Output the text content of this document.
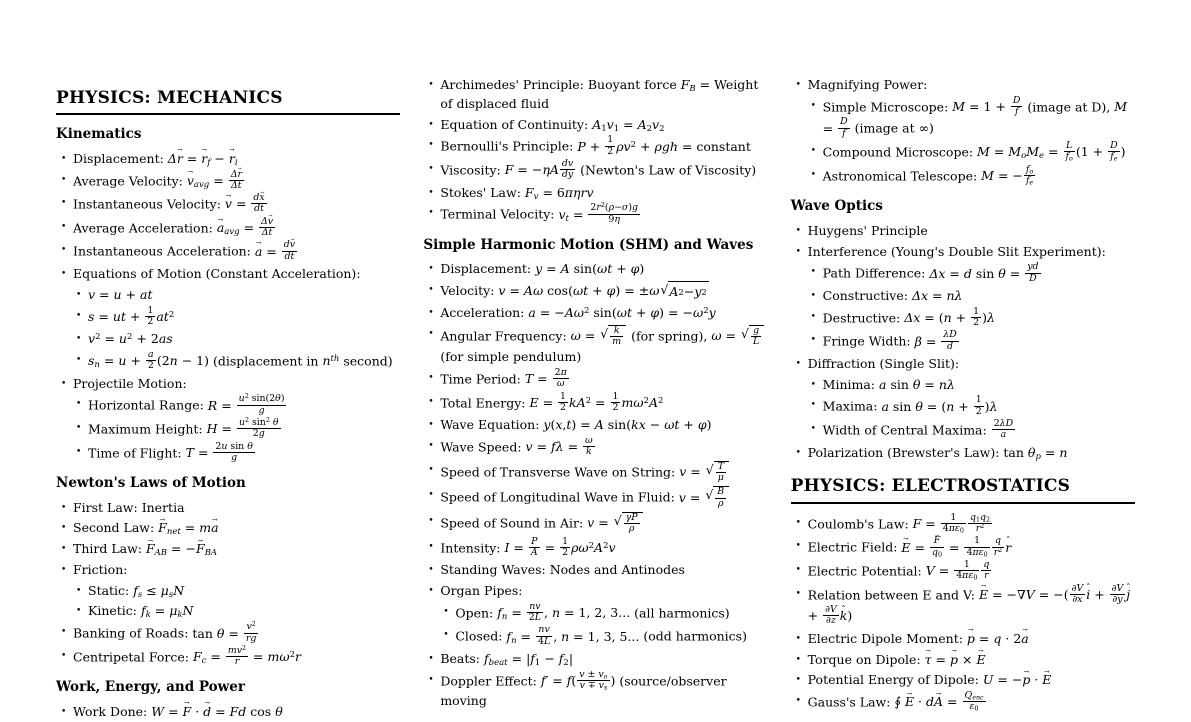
PHYSICS: MECHANICS
Kinematics
• Displacement: Δr → = $r \to_f - r \to_i$
• Average Velocity: $v \to_{avg} = \frac{\Delta r \to}{\Delta t}$
• Instantaneous Velocity: v → = $\frac{dx \to}{dt}$
• Average Acceleration: $a \to_{avg} = \frac{\Delta v \to}{\Delta t}$
• Instantaneous Acceleration: a → = $\frac{dv \to}{dt}$
• Equations of Motion (Constant Acceleration):
• v = u + at
• s = ut + $\frac{1}{2} at^2$
• $v^2 = u^2 + 2as$
• $s_n = u + \frac{a}{2} (2n - 1)$ (displacement in $n^{th}$ second)
• Projectile Motion:
• Horizontal Range: $R = \frac{u^2 \sin(2\theta)}{g}$
• Maximum Height: $H = \frac{u^2 \sin^2 \theta}{2g}$
• Time of Flight: $T = \frac{\text{2u sin θ}}{g}$
Newton's Laws of Motion
• First Law: Inertia
• Second Law: $F \to_{net}$ = ma →
• Third Law: $F \to_{AB} = -F \to_{BA}$
• Friction:
• Static: $f_s \le \mu_sN$
• Kinetic: $f_k = \mu_kN$
• Banking of Roads: $\tan \theta = \frac{v^2}{rg}$
• Centripetal Force: $F_c = \frac{mv^2}{r} = m\omega^2r$
Work, Energy, and Power
• Work Done: W = F → · d → = Fd cos θ
• Archimedes' Principle: Buoyant force $F_B$ = Weight of displaced fluid
• Equation of Continuity: $A_1v_1 = A_2v_2$
• Bernoulli's Principle: $P + \frac{1}{2} \rho v^2 + \rho gh$ = constant
• Viscosity: $F = -\eta A \frac{dv}{dy}$ (Newton's Law of Viscosity)
• Stokes' Law: $F_v = 6\pi\eta rv$
• Terminal Velocity: $v_t = \frac{2r^2(\rho-\sigma)g}{9\eta}$
Simple Harmonic Motion (SHM) and Waves
• Displacement: y = A sin(ωt + φ)
• Velocity: v = Aω cos(ωt + φ) = ±ω √ A 2 − y 2
• Acceleration: $a = -A\omega^2$ $\sin(\omega t + \varphi) = -\omega^2y$
• Angular Frequency: ω = √ k
m (for spring), ω = √ g
L
(for simple pendulum)
• Time Period: $T = \frac{2\pi}{\omega}$
• Total Energy: $E = \frac{1}{2} kA^2 = \frac{1}{2} m\omega^2A^2$
• Wave Equation: y(x,t) = A sin(kx − ωt + φ)
• Wave Speed: $v = f\lambda = \frac{\omega}{k}$
• Speed of Transverse Wave on String: v = √ T
μ
• Speed of Longitudinal Wave in Fluid: v = √ B
ρ
• Speed of Sound in Air: v = √ γP
ρ
• Intensity: $I = \frac{P}{A} = \frac{1}{2} \rho\omega^2A^2v$
• Standing Waves: Nodes and Antinodes
• Organ Pipes:
• Open: $f_n = \frac{nv}{2L}$ , n = 1, 2, 3... (all harmonics)
• Closed: $f_n = \frac{nv}{4L}$ , n = 1, 3, 5... (odd harmonics)
• Beats: $f_{beat} = |f_1 - f_2|$
• Doppler Effect: $f' = f( \frac{v \pm v_o}{v \mp v_s}$ ) (source/observer moving
• Magnifying Power:
• Simple Microscope: $M = 1 + \frac{D}{f}$ (image at D), $M = \frac{D}{f}$ (image at ∞)
• Compound Microscope: $M = M_oM_e = \frac{L}{f_o} (1 + \frac{D}{f_e}$ )
• Astronomical Telescope: M = − $\frac{f_o}{f_e}$
Wave Optics
• Huygens' Principle
• Interference (Young's Double Slit Experiment):
• Path Difference: Δx = d $\sin \theta = \frac{yd}{D}$
• Constructive: Δx = nλ
• Destructive: $\Delta x = (n + \frac{1}{2} )\lambda$
• Fringe Width: $\beta = \frac{\lambda D}{d}$
• Diffraction (Single Slit):
• Minima: a sin θ = nλ
• Maxima: a $\sin \theta = (n + \frac{1}{2} )\lambda$
• Width of Central Maxima: $\frac{2\lambda D}{a}$
• Polarization (Brewster's Law): $\tan \theta_p = n$
PHYSICS: ELECTROSTATICS
• Coulomb's Law: $F = \frac{1}{4\pi\varepsilon_0} \frac{q_1q_2}{r^2}$
• Electric Field: E → = $\frac{F \to}{q_0} = \frac{1}{4\pi\varepsilon_0} \frac{q}{r^2}$ r ˆ
• Electric Potential: $V = \frac{1}{4\pi\varepsilon_0} \frac{q}{r}$
• Relation between E and V: E → = −∇V = −( $\frac{\partial V}{\partial x}$ i ˆ + $\frac{\partial V}{\partial y}$ j ˆ + $\frac{\partial V}{\partial z}$ k ˆ)
• Electric Dipole Moment: p → = q · 2a →
• Torque on Dipole: τ → = p → × E →
• Potential Energy of Dipole: U = −p → · E →
• Gauss's Law: ∮ E → · dA → = $Q_{enc}$
$\varepsilon_0$
